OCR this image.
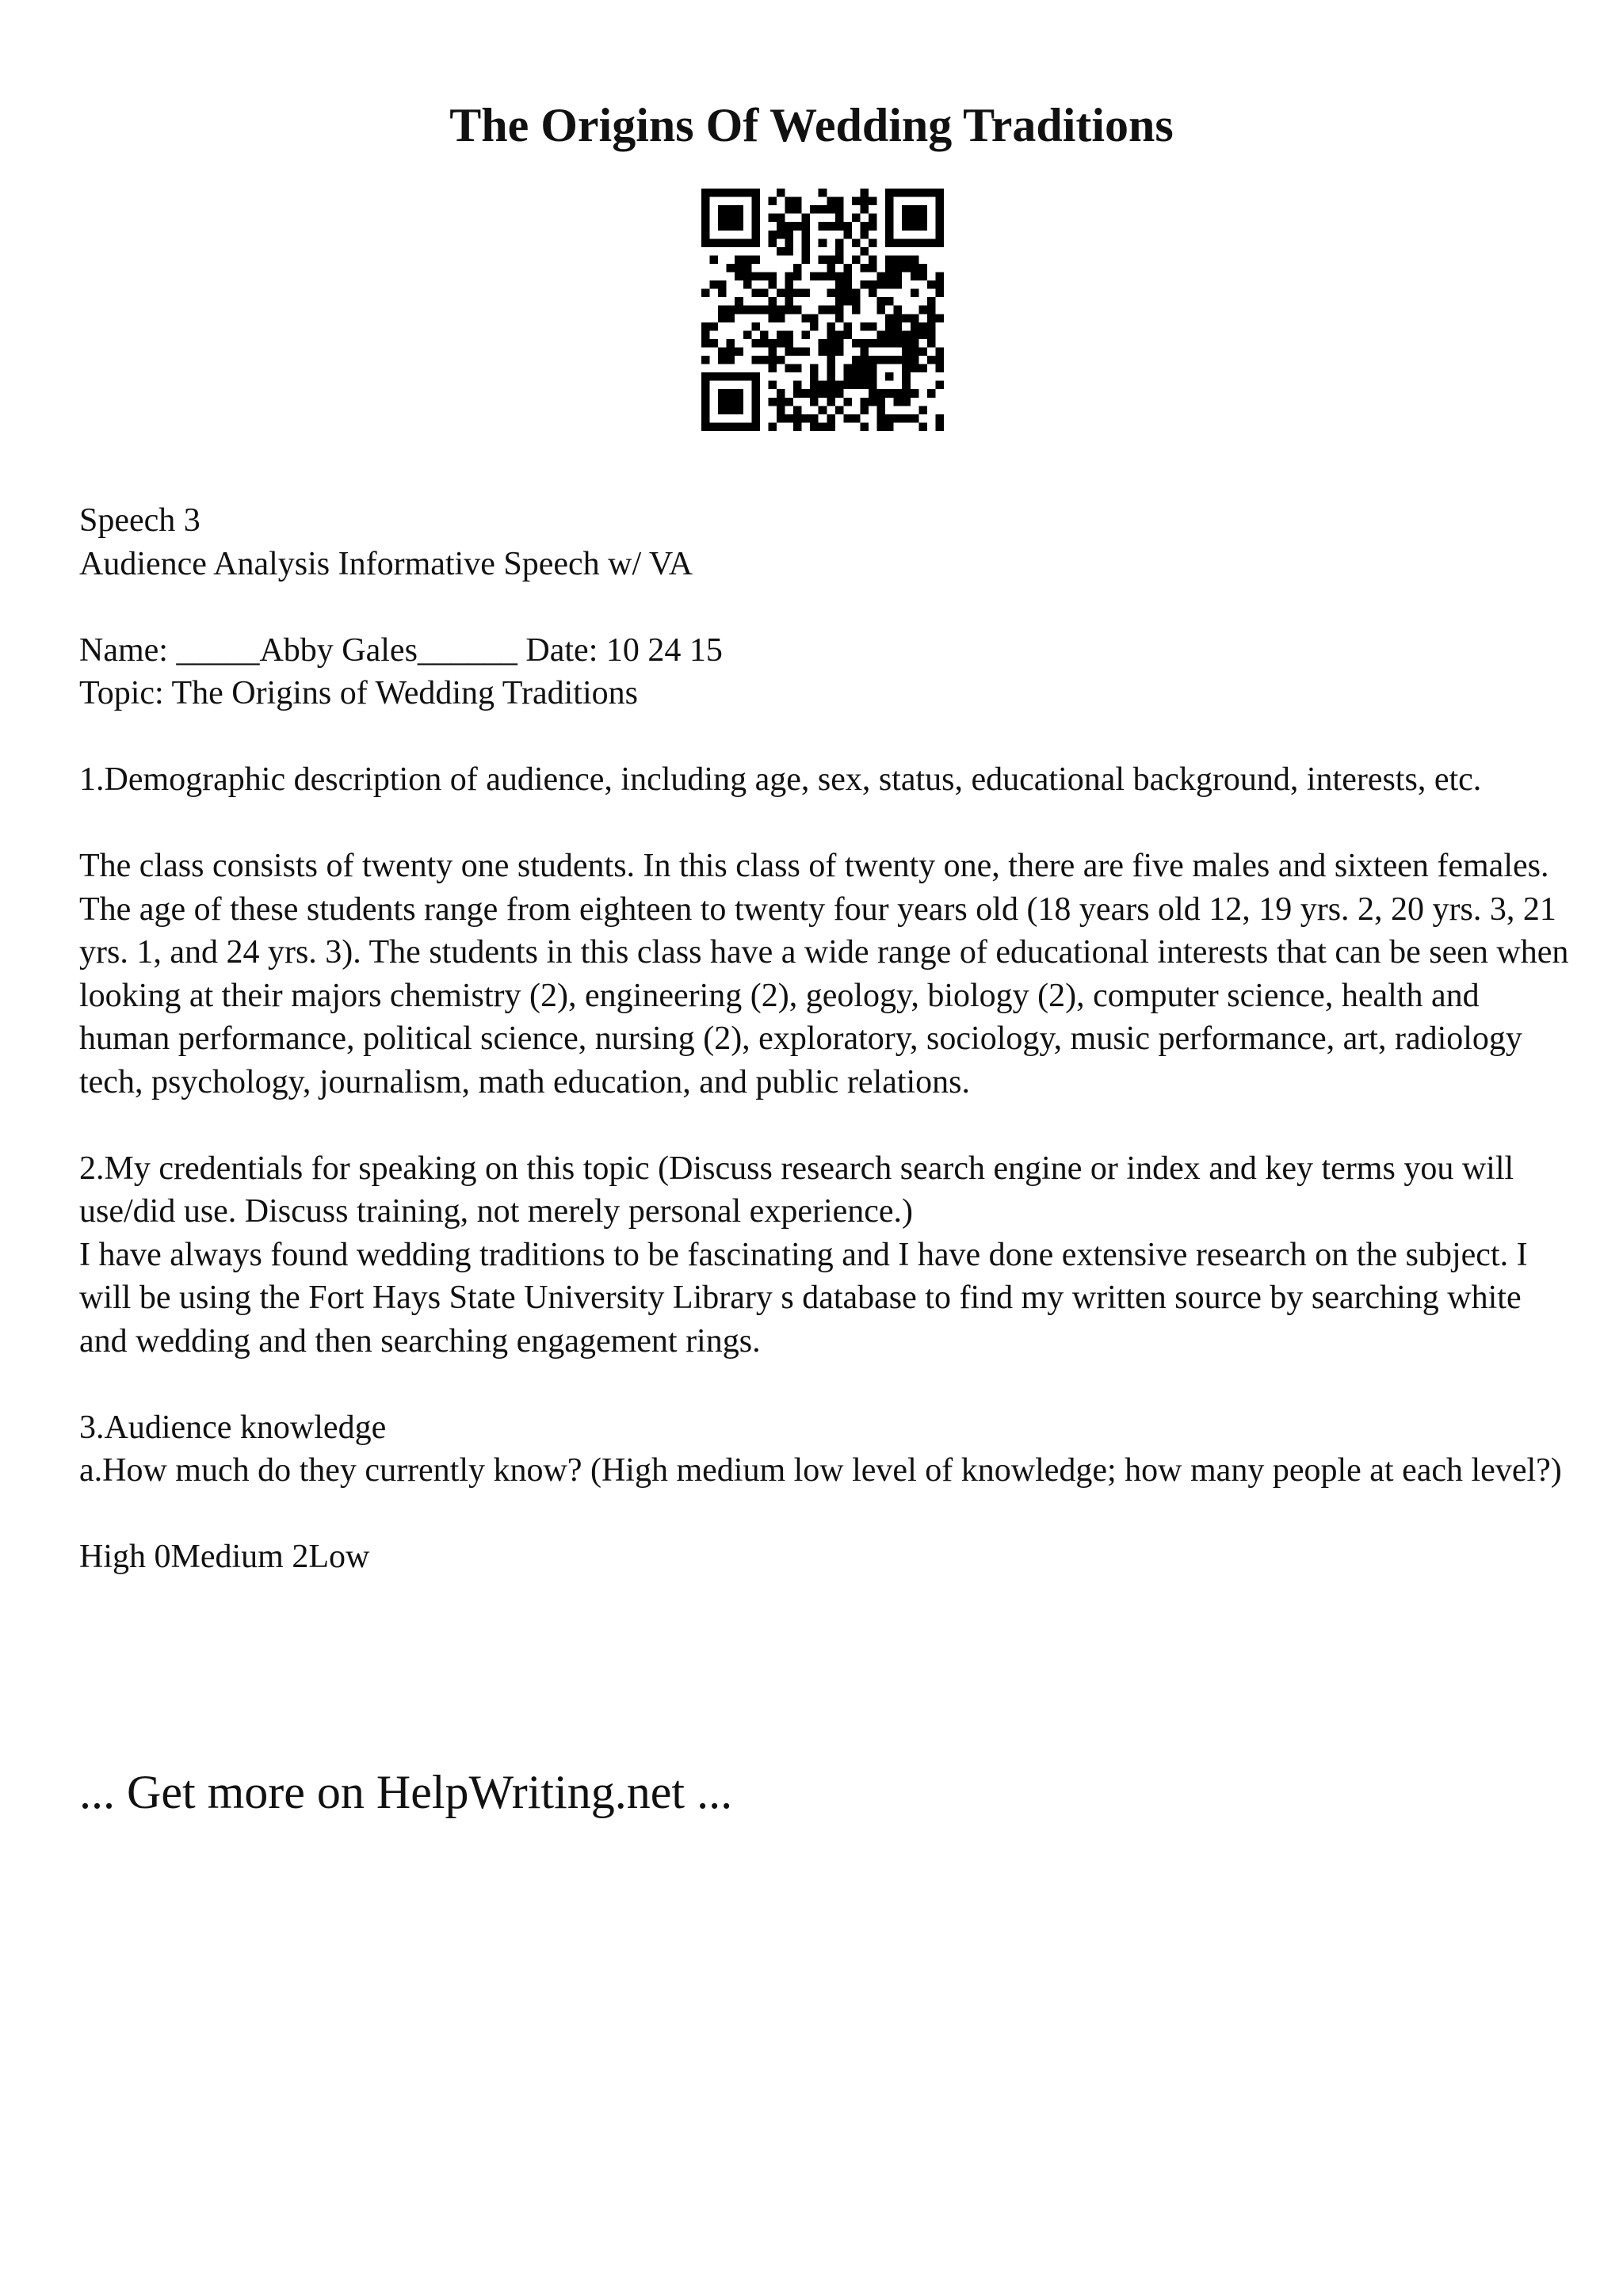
The Origins Of Wedding Traditions

Speech 3

Audience Analysis Informative Speech w/ VA

Name: _____Abby Gales______ Date: 10 24 15

Topic: The Origins of Wedding Traditions

1.Demographic description of audience, including age, sex, status, educational background, interests, etc.

The class consists of twenty one students. In this class of twenty one, there are five males and sixteen females. The age of these students range from eighteen to twenty four years old (18 years old 12, 19 yrs. 2, 20 yrs. 3, 21 yrs. 1, and 24 yrs. 3). The students in this class have a wide range of educational interests that can be seen when looking at their majors chemistry (2), engineering (2), geology, biology (2), computer science, health and human performance, political science, nursing (2), exploratory, sociology, music performance, art, radiology tech, psychology, journalism, math education, and public relations.

2.My credentials for speaking on this topic (Discuss research search engine or index and key terms you will use/did use. Discuss training, not merely personal experience.)

I have always found wedding traditions to be fascinating and I have done extensive research on the subject. I will be using the Fort Hays State University Library s database to find my written source by searching white and wedding and then searching engagement rings.

3.Audience knowledge

a.How much do they currently know? (High medium low level of knowledge; how many people at each level?)

High 0Medium 2Low

... Get more on HelpWriting.net ...
